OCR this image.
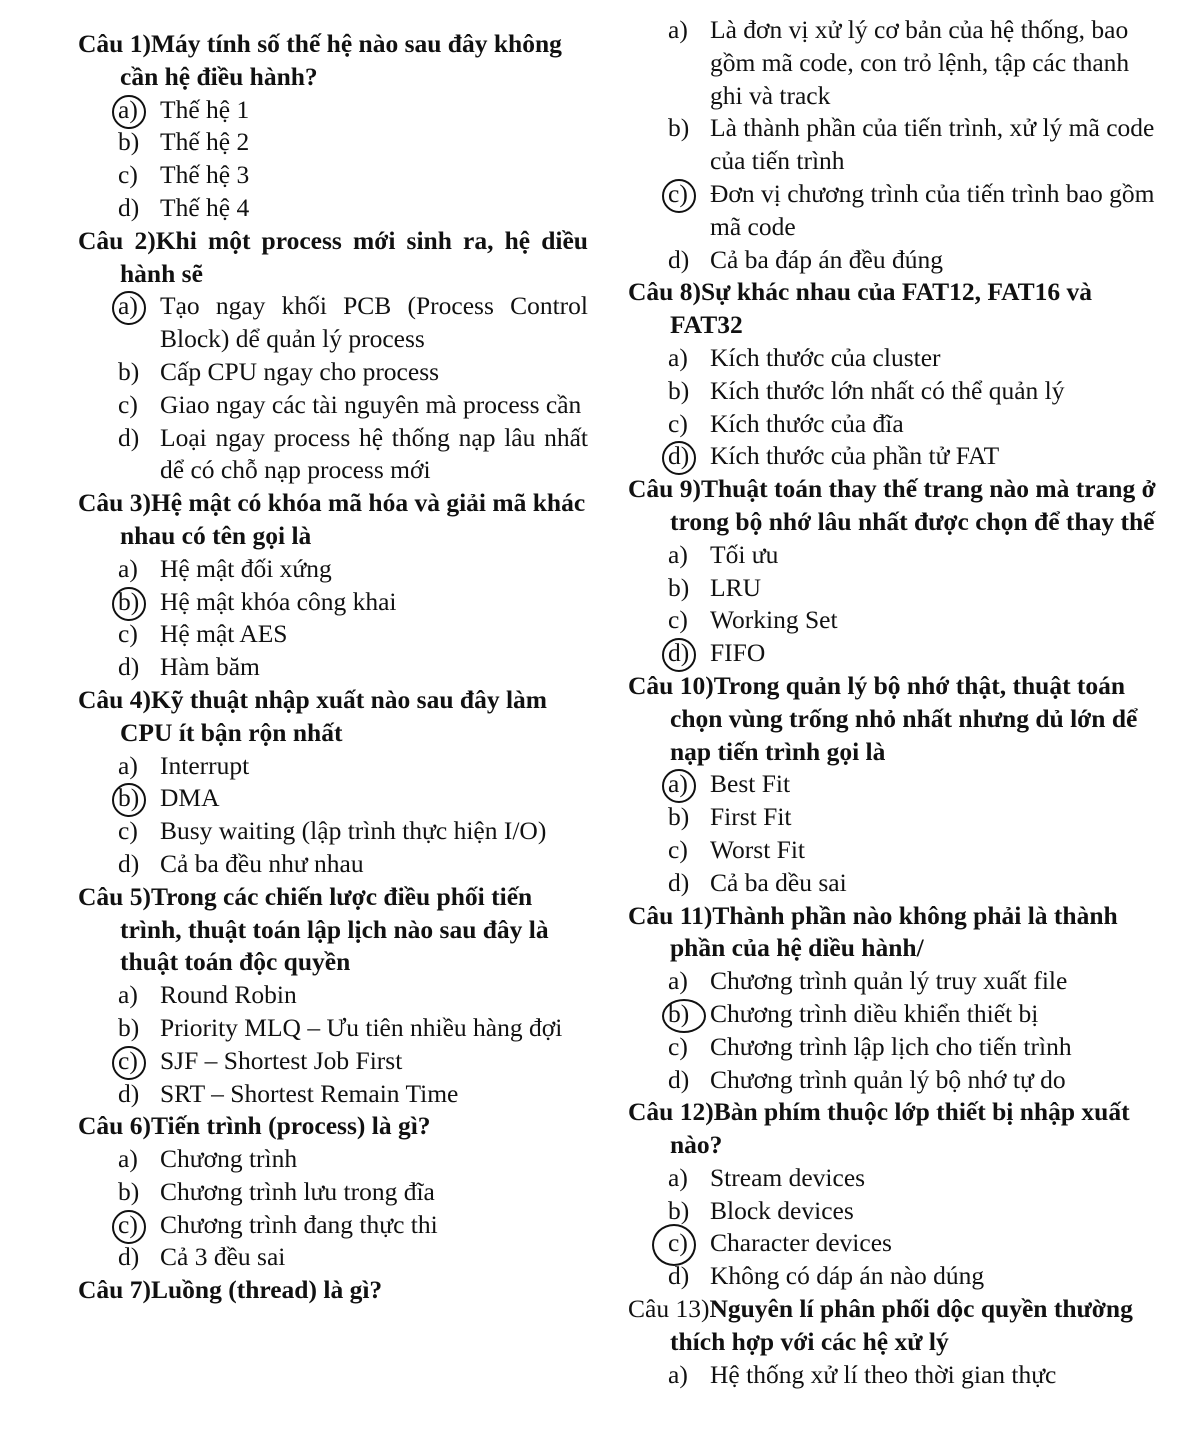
Câu 1)Máy tính số thế hệ nào sau đây không cần hệ điều hành?

a) Thế hệ 1
b) Thế hệ 2
c) Thế hệ 3
d) Thế hệ 4

Câu 2)Khi một process mới sinh ra, hệ diều hành sẽ

a) Tạo ngay khối PCB (Process Control Block) dể quản lý process
b) Cấp CPU ngay cho process
c) Giao ngay các tài nguyên mà process cần
d) Loại ngay process hệ thống nạp lâu nhất dể có chỗ nạp process mới

Câu 3)Hệ mật có khóa mã hóa và giải mã khác nhau có tên gọi là

a) Hệ mật đối xứng
b) Hệ mật khóa công khai
c) Hệ mật AES
d) Hàm băm

Câu 4)Kỹ thuật nhập xuất nào sau đây làm CPU ít bận rộn nhất

a) Interrupt
b) DMA
c) Busy waiting (lập trình thực hiện I/O)
d) Cả ba đều như nhau

Câu 5)Trong các chiến lược điều phối tiến trình, thuật toán lập lịch nào sau đây là thuật toán độc quyền

a) Round Robin
b) Priority MLQ – Ưu tiên nhiều hàng đợi
c) SJF – Shortest Job First
d) SRT – Shortest Remain Time

Câu 6)Tiến trình (process) là gì?

a) Chương trình
b) Chương trình lưu trong đĩa
c) Chương trình đang thực thi
d) Cả 3 đều sai

Câu 7)Luồng (thread) là gì?

a) Là đơn vị xử lý cơ bản của hệ thống, bao gồm mã code, con trỏ lệnh, tập các thanh ghi và track
b) Là thành phần của tiến trình, xử lý mã code của tiến trình
c) Đơn vị chương trình của tiến trình bao gồm mã code
d) Cả ba đáp án đều đúng

Câu 8)Sự khác nhau của FAT12, FAT16 và FAT32

a) Kích thước của cluster
b) Kích thước lớn nhất có thể quản lý
c) Kích thước của đĩa
d) Kích thước của phần tử FAT

Câu 9)Thuật toán thay thế trang nào mà trang ở trong bộ nhớ lâu nhất được chọn để thay thế

a) Tối ưu
b) LRU
c) Working Set
d) FIFO

Câu 10)Trong quản lý bộ nhớ thật, thuật toán chọn vùng trống nhỏ nhất nhưng dủ lớn dể nạp tiến trình gọi là

a) Best Fit
b) First Fit
c) Worst Fit
d) Cả ba dều sai

Câu 11)Thành phần nào không phải là thành phần của hệ diều hành/

a) Chương trình quản lý truy xuất file
b) Chương trình diều khiển thiết bị
c) Chương trình lập lịch cho tiến trình
d) Chương trình quản lý bộ nhớ tự do

Câu 12)Bàn phím thuộc lớp thiết bị nhập xuất nào?

a) Stream devices
b) Block devices
c) Character devices
d) Không có dáp án nào dúng

Câu 13)Nguyên lí phân phối dộc quyền thường thích hợp với các hệ xử lý

a) Hệ thống xử lí theo thời gian thực
